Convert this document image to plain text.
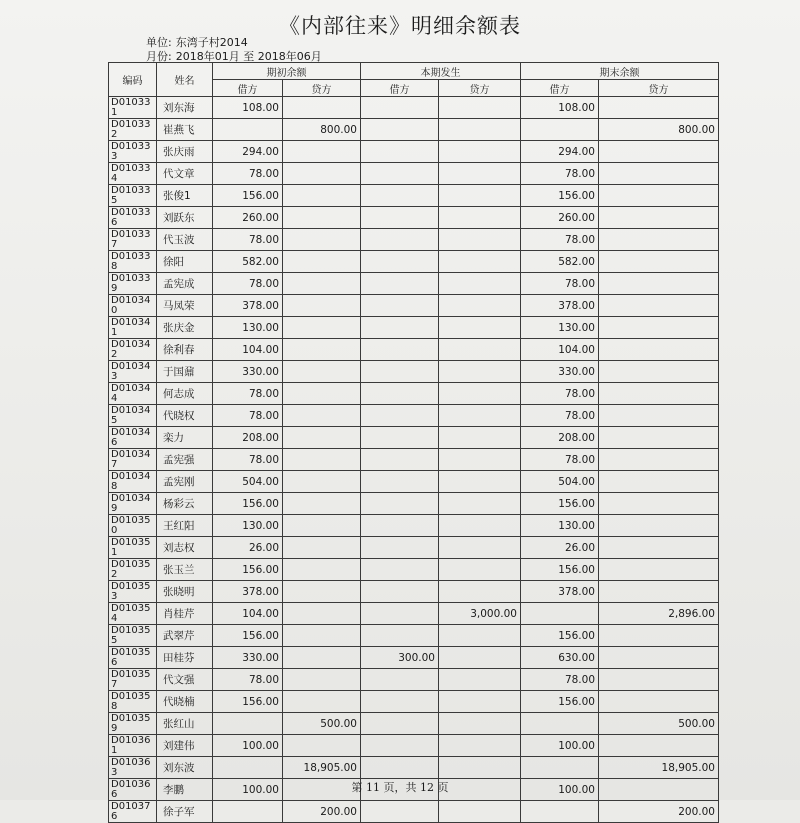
《内部往来》明细余额表
单位: 东湾子村2014
月份: 2018年01月 至 2018年06月
编码	姓名	期初余额		本期发生		期末余额	
		借方	贷方	借方	贷方	借方	贷方
D010331	刘东海	108.00				108.00	
D010332	崔燕飞		800.00				800.00
D010333	张庆雨	294.00				294.00	
D010334	代文章	78.00				78.00	
D010335	张俊1	156.00				156.00	
D010336	刘跃东	260.00				260.00	
D010337	代玉波	78.00				78.00	
D010338	徐阳	582.00				582.00	
D010339	孟宪成	78.00				78.00	
D010340	马凤荣	378.00				378.00	
D010341	张庆金	130.00				130.00	
D010342	徐利春	104.00				104.00	
D010343	于国鼐	330.00				330.00	
D010344	何志成	78.00				78.00	
D010345	代晓权	78.00				78.00	
D010346	栾力	208.00				208.00	
D010347	孟宪强	78.00				78.00	
D010348	孟宪刚	504.00				504.00	
D010349	杨彩云	156.00				156.00	
D010350	王红阳	130.00				130.00	
D010351	刘志权	26.00				26.00	
D010352	张玉兰	156.00				156.00	
D010353	张晓明	378.00				378.00	
D010354	肖桂芹	104.00			3,000.00		2,896.00
D010355	武翠芹	156.00				156.00	
D010356	田桂芬	330.00		300.00		630.00	
D010357	代文强	78.00				78.00	
D010358	代晓楠	156.00				156.00	
D010359	张红山		500.00				500.00
D010361	刘建伟	100.00				100.00	
D010363	刘东波		18,905.00				18,905.00
D010366	李鹏	100.00				100.00	
D010376	徐子军		200.00				200.00
第 11 页，共 12 页
